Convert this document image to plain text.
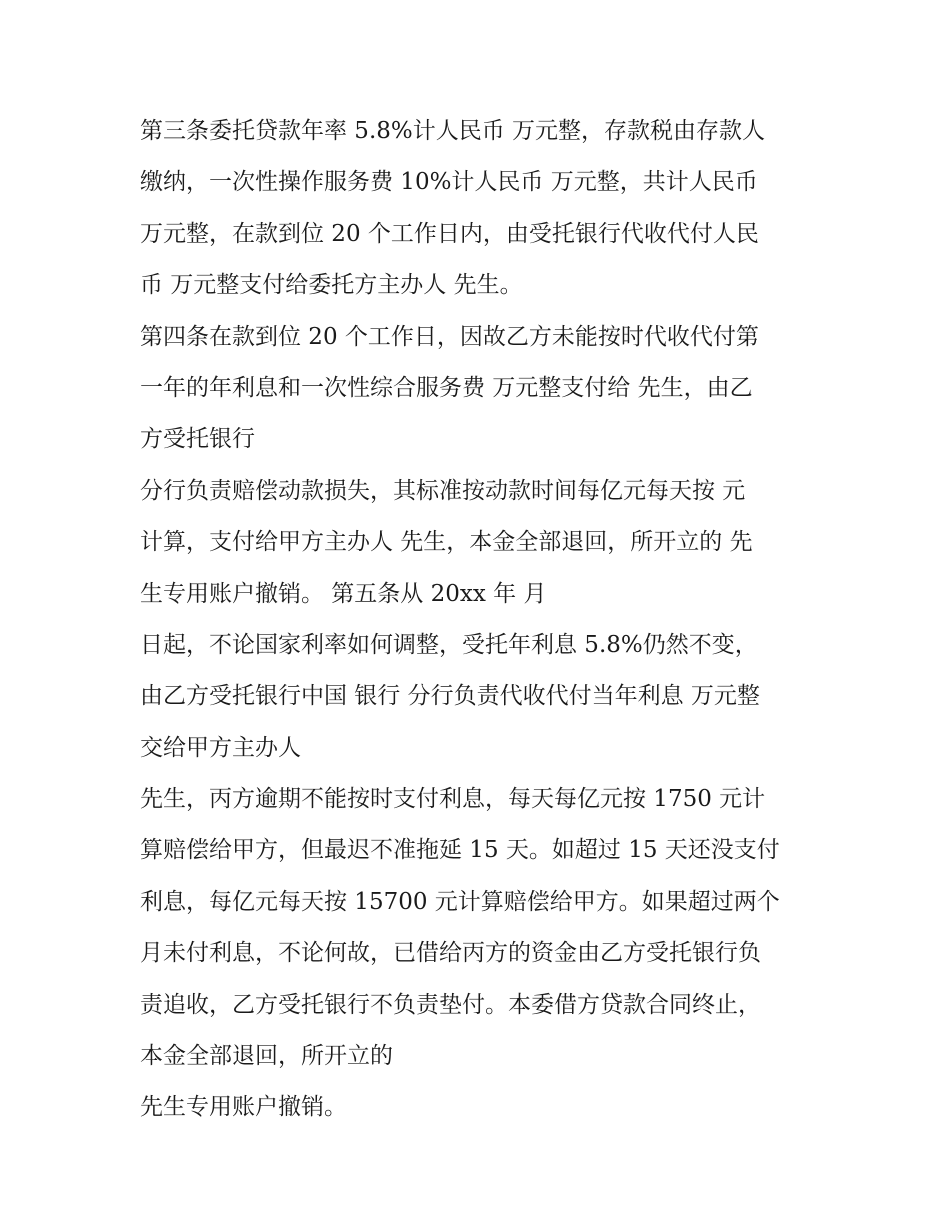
第三条委托贷款年率 5.8%计人民币 万元整，存款税由存款人
缴纳，一次性操作服务费 10%计人民币 万元整，共计人民币
万元整，在款到位 20 个工作日内，由受托银行代收代付人民
币 万元整支付给委托方主办人 先生。
第四条在款到位 20 个工作日，因故乙方未能按时代收代付第
一年的年利息和一次性综合服务费 万元整支付给 先生，由乙
方受托银行
分行负责赔偿动款损失，其标准按动款时间每亿元每天按 元
计算，支付给甲方主办人 先生，本金全部退回，所开立的 先
生专用账户撤销。 第五条从 20xx 年 月
日起，不论国家利率如何调整，受托年利息 5.8%仍然不变，
由乙方受托银行中国 银行 分行负责代收代付当年利息 万元整
交给甲方主办人
先生，丙方逾期不能按时支付利息，每天每亿元按 1750 元计
算赔偿给甲方，但最迟不准拖延 15 天。如超过 15 天还没支付
利息，每亿元每天按 15700 元计算赔偿给甲方。如果超过两个
月未付利息，不论何故，已借给丙方的资金由乙方受托银行负
责追收，乙方受托银行不负责垫付。本委借方贷款合同终止，
本金全部退回，所开立的
先生专用账户撤销。
